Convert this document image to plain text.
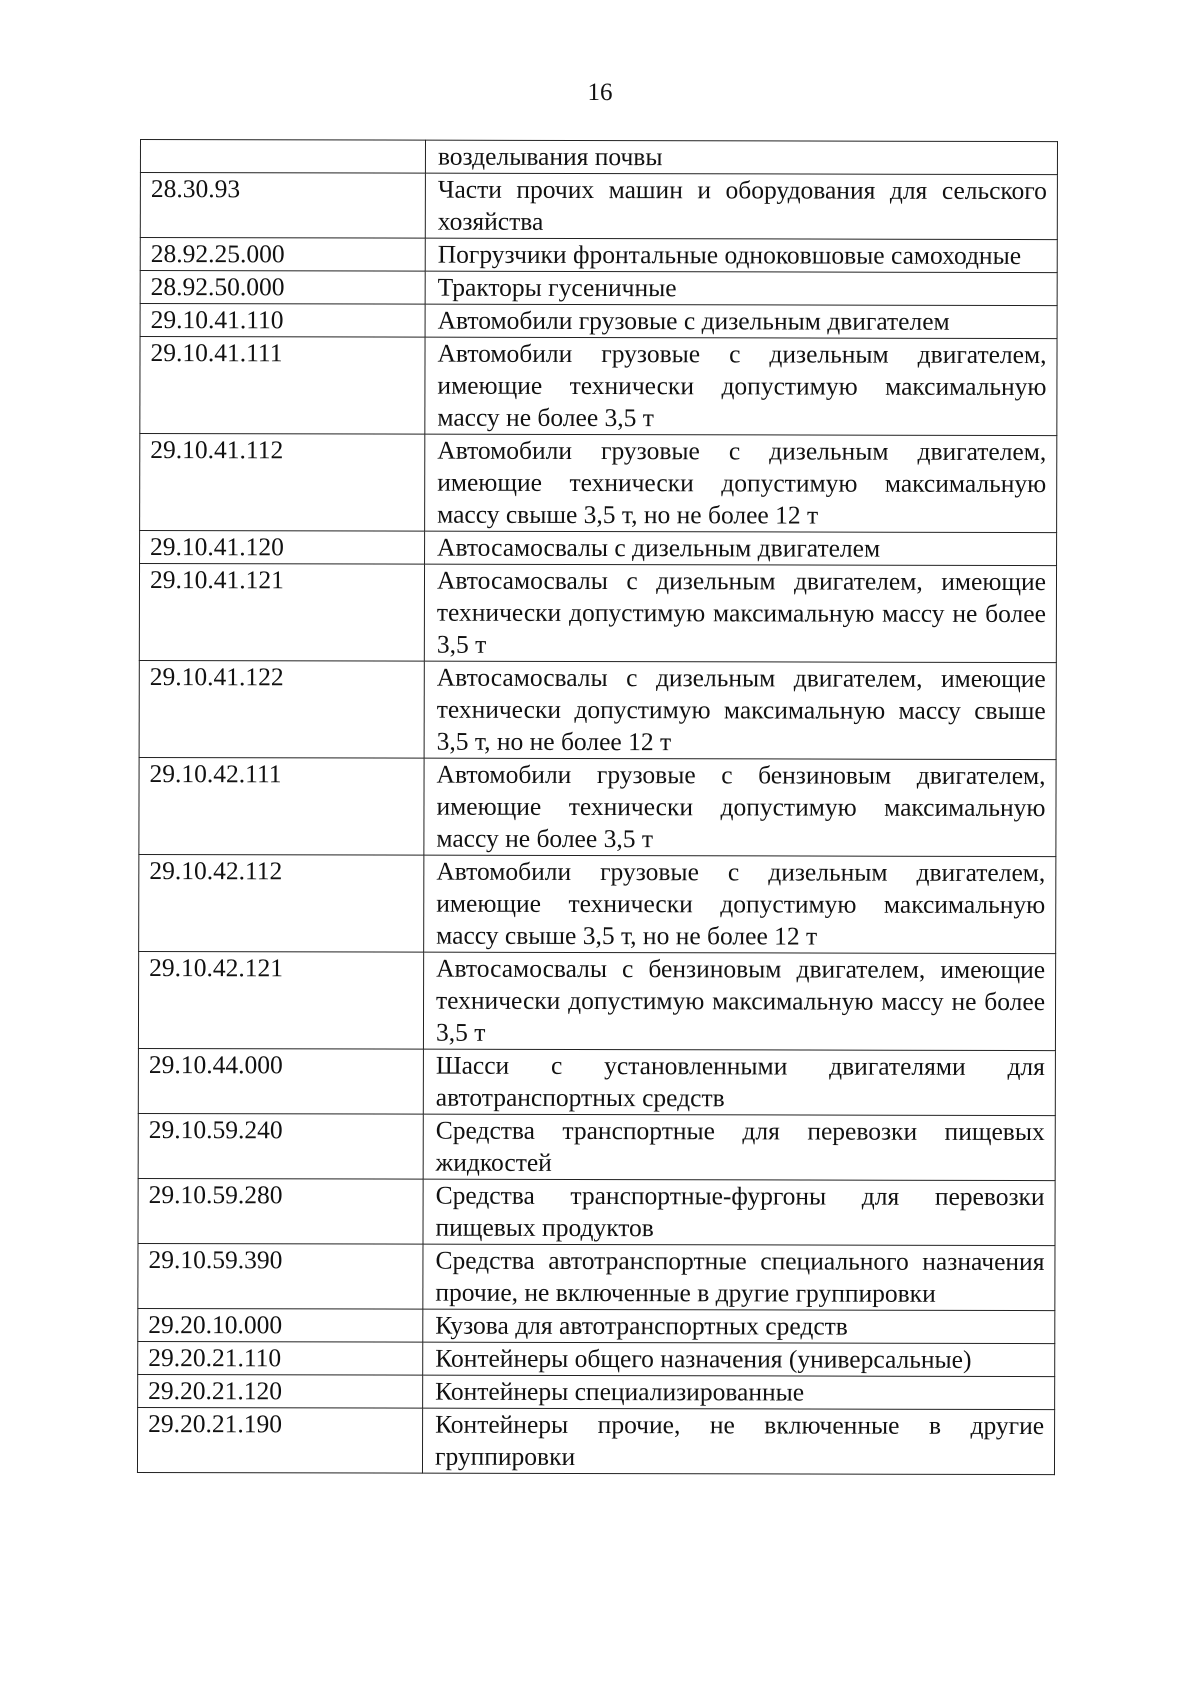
16
	возделывания почвы
28.30.93	Части прочих машин и оборудования для сельского хозяйства
28.92.25.000	Погрузчики фронтальные одноковшовые самоходные
28.92.50.000	Тракторы гусеничные
29.10.41.110	Автомобили грузовые с дизельным двигателем
29.10.41.111	Автомобили грузовые с дизельным двигателем, имеющие технически допустимую максимальную массу не более 3,5 т
29.10.41.112	Автомобили грузовые с дизельным двигателем, имеющие технически допустимую максимальную массу свыше 3,5 т, но не более 12 т
29.10.41.120	Автосамосвалы с дизельным двигателем
29.10.41.121	Автосамосвалы с дизельным двигателем, имеющие технически допустимую максимальную массу не более 3,5 т
29.10.41.122	Автосамосвалы с дизельным двигателем, имеющие технически допустимую максимальную массу свыше 3,5 т, но не более 12 т
29.10.42.111	Автомобили грузовые с бензиновым двигателем, имеющие технически допустимую максимальную массу не более 3,5 т
29.10.42.112	Автомобили грузовые с дизельным двигателем, имеющие технически допустимую максимальную массу свыше 3,5 т, но не более 12 т
29.10.42.121	Автосамосвалы с бензиновым двигателем, имеющие технически допустимую максимальную массу не более 3,5 т
29.10.44.000	Шасси с установленными двигателями для автотранспортных средств
29.10.59.240	Средства транспортные для перевозки пищевых жидкостей
29.10.59.280	Средства транспортные-фургоны для перевозки пищевых продуктов
29.10.59.390	Средства автотранспортные специального назначения прочие, не включенные в другие группировки
29.20.10.000	Кузова для автотранспортных средств
29.20.21.110	Контейнеры общего назначения (универсальные)
29.20.21.120	Контейнеры специализированные
29.20.21.190	Контейнеры прочие, не включенные в другие группировки
